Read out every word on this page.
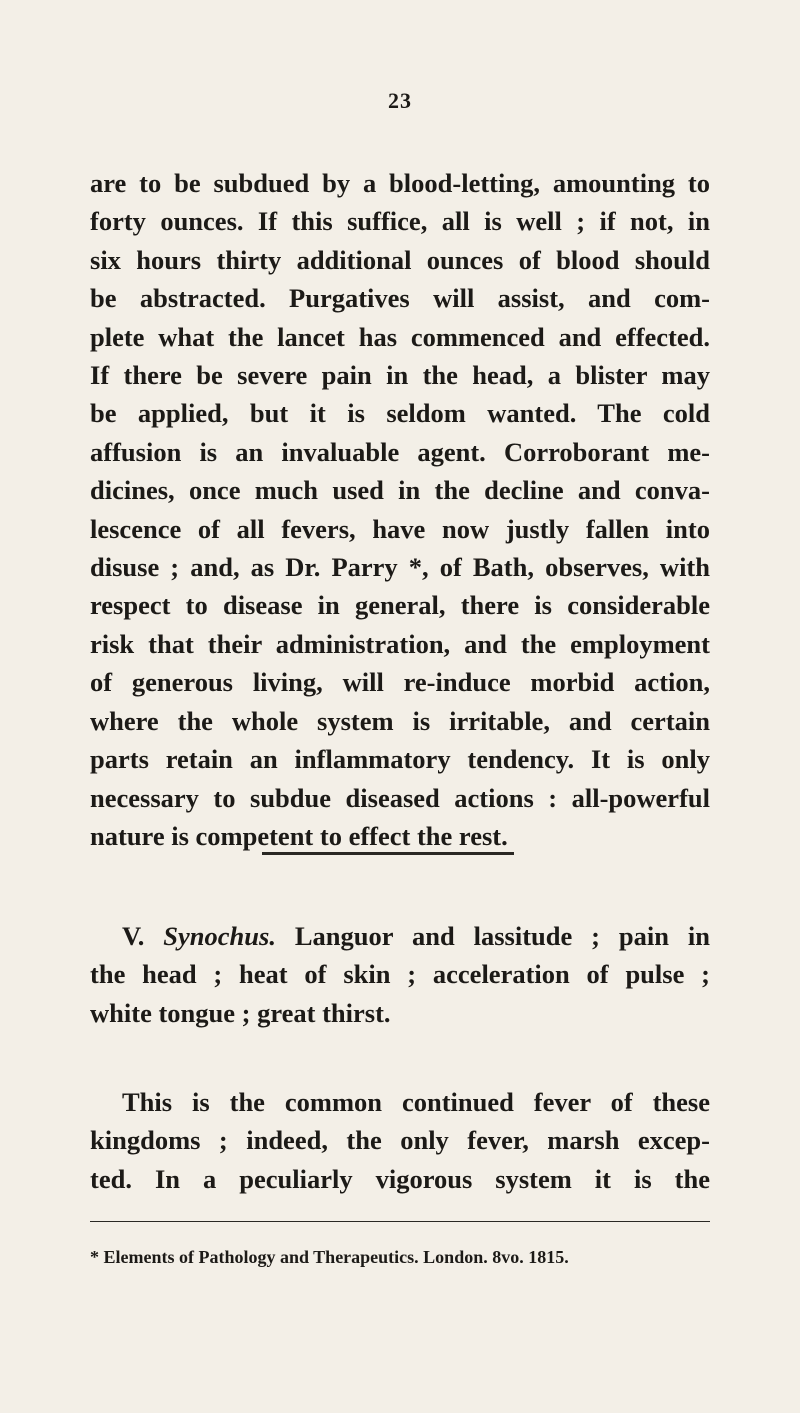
23
are to be subdued by a blood-letting, amounting to
forty ounces. If this suffice, all is well ; if not, in
six hours thirty additional ounces of blood should
be abstracted. Purgatives will assist, and com-
plete what the lancet has commenced and effected.
If there be severe pain in the head, a blister may
be applied, but it is seldom wanted. The cold
affusion is an invaluable agent. Corroborant me-
dicines, once much used in the decline and conva-
lescence of all fevers, have now justly fallen into
disuse ; and, as Dr. Parry *, of Bath, observes, with
respect to disease in general, there is considerable
risk that their administration, and the employment
of generous living, will re-induce morbid action,
where the whole system is irritable, and certain
parts retain an inflammatory tendency. It is only
necessary to subdue diseased actions : all-powerful
nature is competent to effect the rest.
V. Synochus. Languor and lassitude ; pain in
the head ; heat of skin ; acceleration of pulse ;
white tongue ; great thirst.
This is the common continued fever of these
kingdoms ; indeed, the only fever, marsh excep-
ted. In a peculiarly vigorous system it is the
* Elements of Pathology and Therapeutics. London. 8vo. 1815.
